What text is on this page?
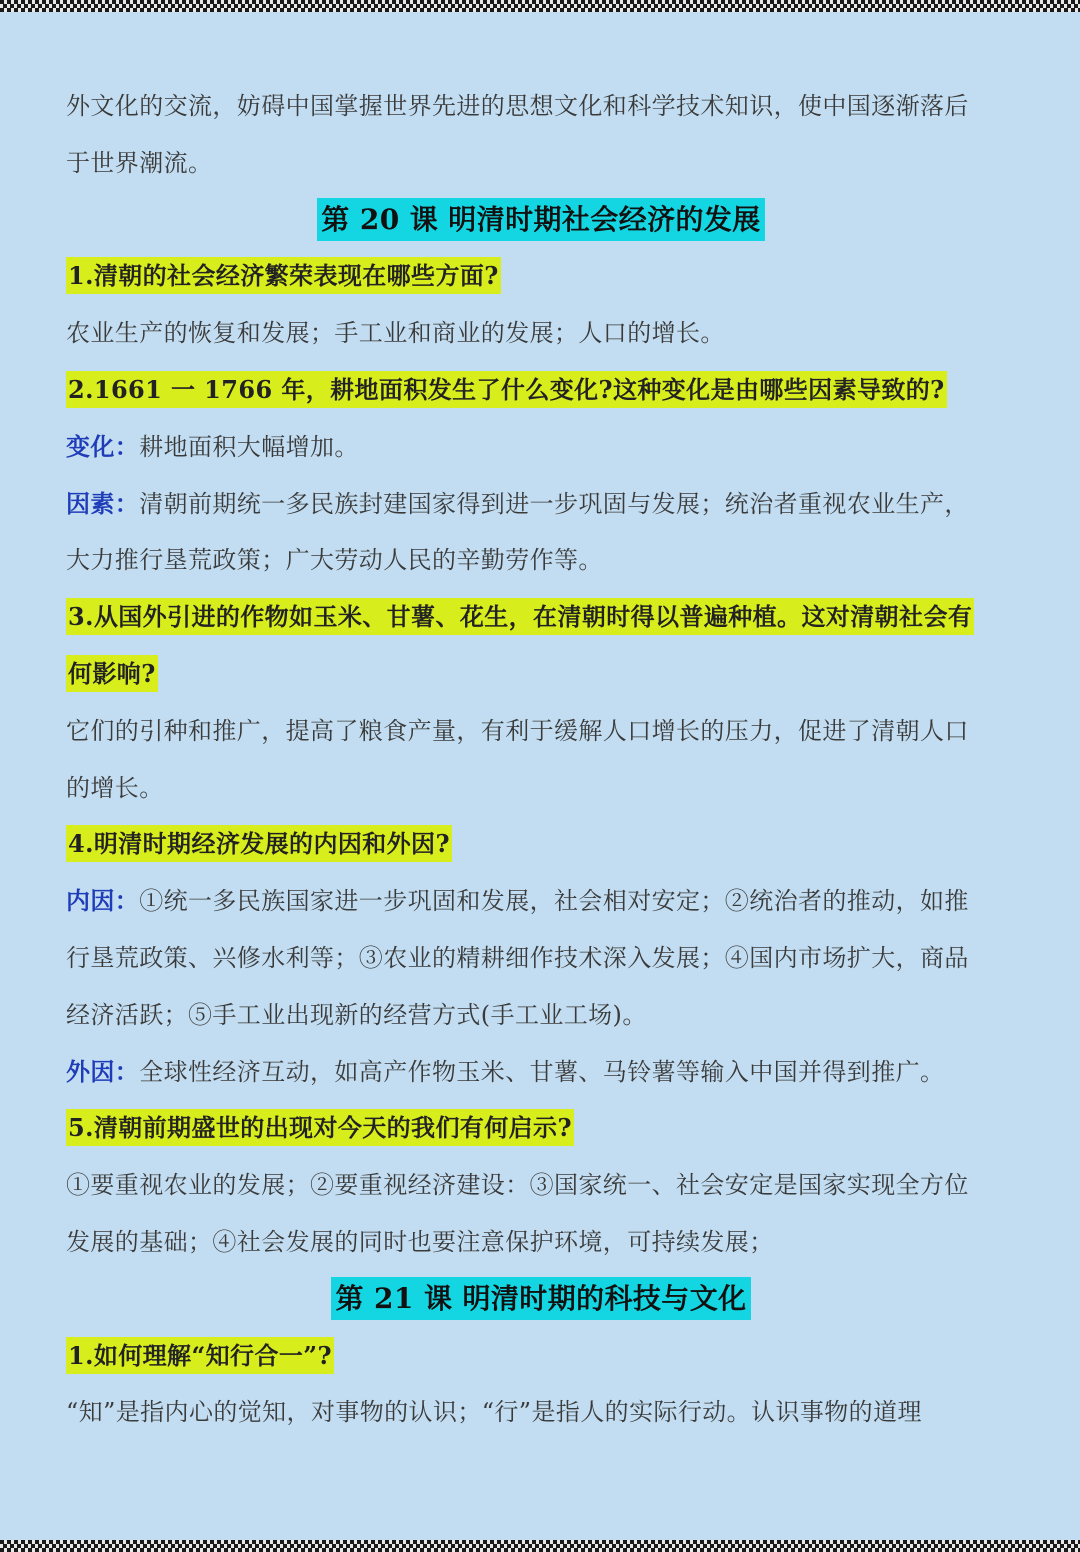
外文化的交流，妨碍中国掌握世界先进的思想文化和科学技术知识，使中国逐渐落后
于世界潮流。
第 20 课 明清时期社会经济的发展
1.清朝的社会经济繁荣表现在哪些方面?
农业生产的恢复和发展；手工业和商业的发展；人口的增长。
2.1661 一 1766 年，耕地面积发生了什么变化?这种变化是由哪些因素导致的?
变化：耕地面积大幅增加。
因素：清朝前期统一多民族封建国家得到进一步巩固与发展；统治者重视农业生产，
大力推行垦荒政策；广大劳动人民的辛勤劳作等。
3.从国外引进的作物如玉米、甘薯、花生，在清朝时得以普遍种植。这对清朝社会有
何影响?
它们的引种和推广，提高了粮食产量，有利于缓解人口增长的压力，促进了清朝人口
的增长。
4.明清时期经济发展的内因和外因?
内因：①统一多民族国家进一步巩固和发展，社会相对安定；②统治者的推动，如推
行垦荒政策、兴修水利等；③农业的精耕细作技术深入发展；④国内市场扩大，商品
经济活跃；⑤手工业出现新的经营方式(手工业工场)。
外因：全球性经济互动，如高产作物玉米、甘薯、马铃薯等输入中国并得到推广。
5.清朝前期盛世的出现对今天的我们有何启示?
①要重视农业的发展；②要重视经济建设：③国家统一、社会安定是国家实现全方位
发展的基础；④社会发展的同时也要注意保护环境，可持续发展；
第 21 课 明清时期的科技与文化
1.如何理解“知行合一”?
“知”是指内心的觉知，对事物的认识；“行”是指人的实际行动。认识事物的道理
